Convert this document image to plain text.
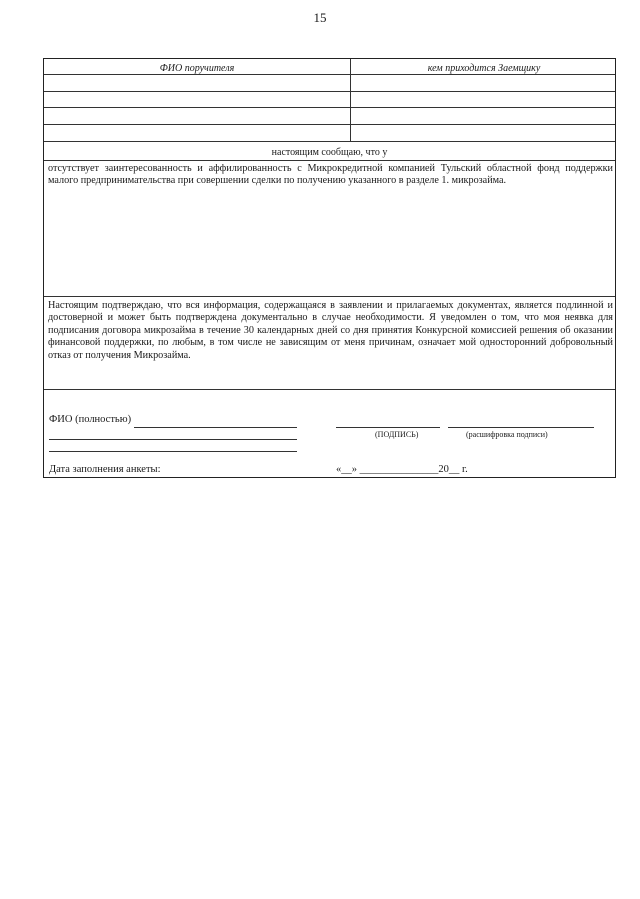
15
ФИО поручителя	кем приходится Заемщику
настоящим сообщаю, что у
отсутствует заинтересованность и аффилированность с Микрокредитной компанией Тульский областной фонд поддержки малого предпринимательства при совершении сделки по получению указанного в разделе 1. микрозайма.
Настоящим подтверждаю, что вся информация, содержащаяся в заявлении и прилагаемых документах, является подлинной и достоверной и может быть подтверждена документально в случае необходимости. Я уведомлен о том, что моя неявка для подписания договора микрозайма в течение 30 календарных дней со дня принятия Конкурсной комиссией решения об оказании финансовой поддержки, по любым, в том числе не зависящим от меня причинам, означает мой односторонний добровольный отказ от получения Микрозайма.
ФИО (полностью)
(ПОДПИСЬ)	(расшифровка подписи)
Дата заполнения анкеты:	«__» _______________20__ г.
